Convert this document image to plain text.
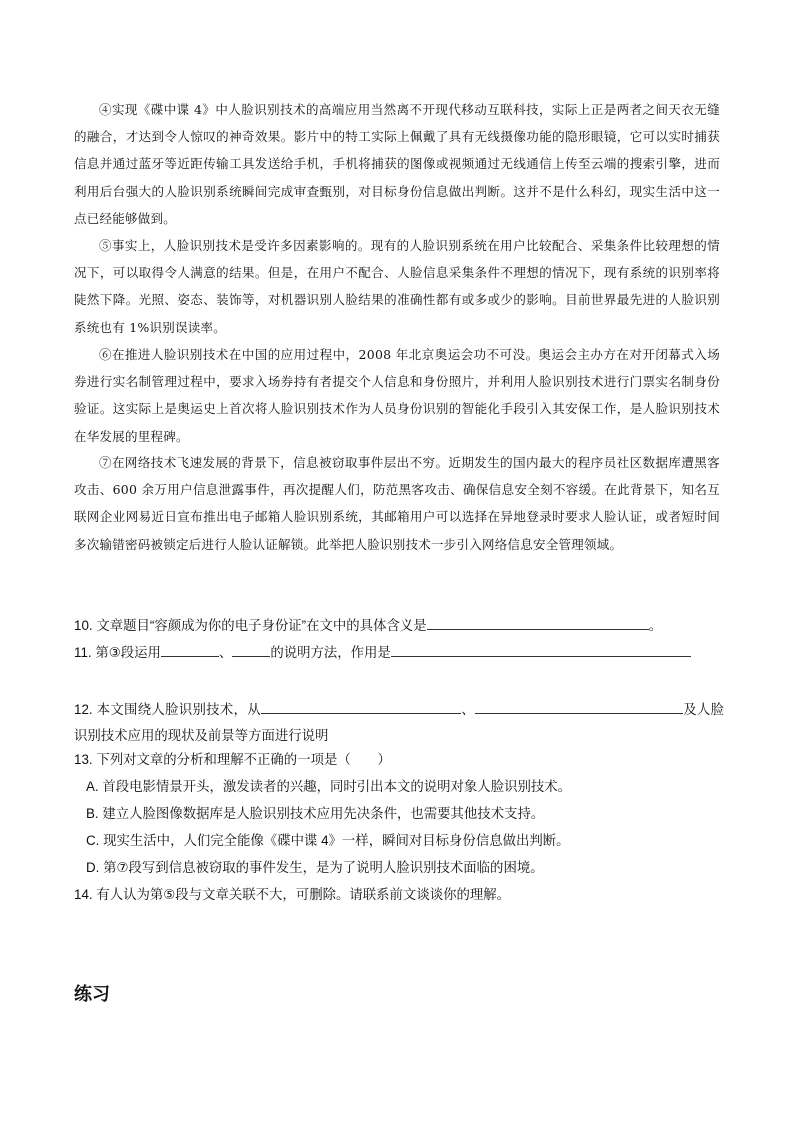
④实现《碟中谍 4》中人脸识别技术的高端应用当然离不开现代移动互联科技，实际上正是两者之间天衣无缝的融合，才达到令人惊叹的神奇效果。影片中的特工实际上佩戴了具有无线摄像功能的隐形眼镜，它可以实时捕获信息并通过蓝牙等近距传输工具发送给手机，手机将捕获的图像或视频通过无线通信上传至云端的搜索引擎，进而利用后台强大的人脸识别系统瞬间完成审查甄别，对目标身份信息做出判断。这并不是什么科幻，现实生活中这一点已经能够做到。

⑤事实上，人脸识别技术是受许多因素影响的。现有的人脸识别系统在用户比较配合、采集条件比较理想的情况下，可以取得令人满意的结果。但是，在用户不配合、人脸信息采集条件不理想的情况下，现有系统的识别率将陡然下降。光照、姿态、装饰等，对机器识别人脸结果的准确性都有或多或少的影响。目前世界最先进的人脸识别系统也有 1%识别误读率。

⑥在推进人脸识别技术在中国的应用过程中，2008 年北京奥运会功不可没。奥运会主办方在对开闭幕式入场券进行实名制管理过程中，要求入场券持有者提交个人信息和身份照片，并利用人脸识别技术进行门票实名制身份验证。这实际上是奥运史上首次将人脸识别技术作为人员身份识别的智能化手段引入其安保工作，是人脸识别技术在华发展的里程碑。

⑦在网络技术飞速发展的背景下，信息被窃取事件层出不穷。近期发生的国内最大的程序员社区数据库遭黑客攻击、600 余万用户信息泄露事件，再次提醒人们，防范黑客攻击、确保信息安全刻不容缓。在此背景下，知名互联网企业网易近日宣布推出电子邮箱人脸识别系统，其邮箱用户可以选择在异地登录时要求人脸认证，或者短时间多次输错密码被锁定后进行人脸认证解锁。此举把人脸识别技术一步引入网络信息安全管理领域。

10. 文章题目“容颜成为你的电子身份证”在文中的具体含义是	。
11. 第③段运用	、	的说明方法，作用是
12. 本文围绕人脸识别技术，从	、	及人脸识别技术应用的现状及前景等方面进行说明
13. 下列对文章的分析和理解不正确的一项是（　　）
A. 首段电影情景开头，激发读者的兴趣，同时引出本文的说明对象人脸识别技术。
B. 建立人脸图像数据库是人脸识别技术应用先决条件，也需要其他技术支持。
C. 现实生活中，人们完全能像《碟中谍 4》一样，瞬间对目标身份信息做出判断。
D. 第⑦段写到信息被窃取的事件发生，是为了说明人脸识别技术面临的困境。
14. 有人认为第⑤段与文章关联不大，可删除。请联系前文谈谈你的理解。
练习
